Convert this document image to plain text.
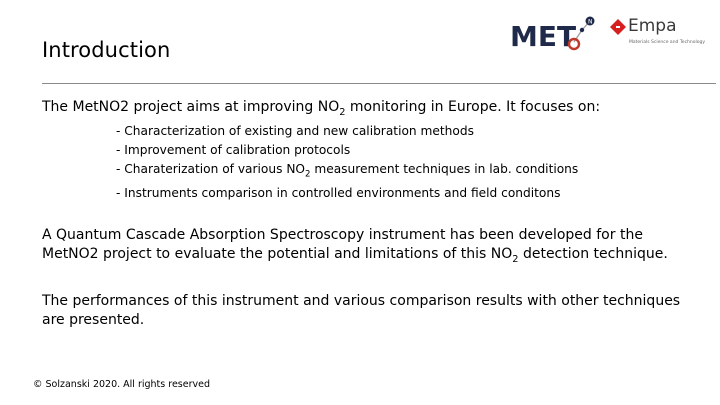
Introduction	MET N Empa
Materials Science and Technology
The MetNO2 project aims at improving $NO_2$ monitoring in Europe. It focuses on:
- Characterization of existing and new calibration methods
- Improvement of calibration protocols
- Charaterization of various $NO_2$ measurement techniques in lab. conditions
- Instruments comparison in controlled environments and field conditons
A Quantum Cascade Absorption Spectroscopy instrument has been developed for the MetNO2 project to evaluate the potential and limitations of this $NO_2$ detection technique.
The performances of this instrument and various comparison results with other techniques are presented.
© Solzanski 2020. All rights reserved
